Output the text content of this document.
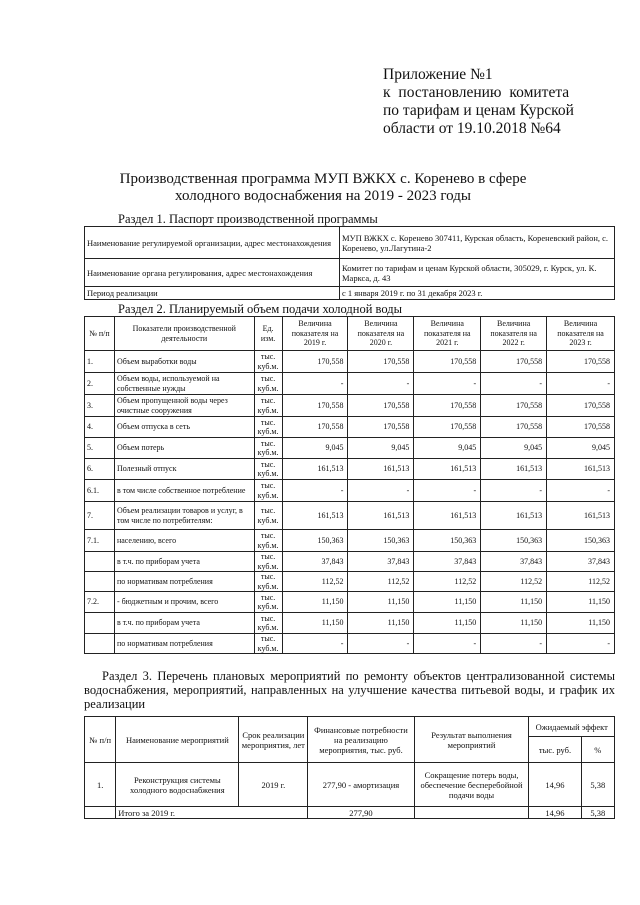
Приложение №1
к постановлению комитета
по тарифам и ценам Курской
области от 19.10.2018 №64
Производственная программа МУП ВЖКХ с. Коренево в сфере холодного водоснабжения на 2019 - 2023 годы
Раздел 1. Паспорт производственной программы
Наименование регулируемой организации, адрес местонахождения	МУП ВЖКХ с. Коренево 307411, Курская область, Кореневский район, с. Коренево, ул.Лагутина-2
Наименование органа регулирования, адрес местонахождения	Комитет по тарифам и ценам Курской области, 305029, г. Курск, ул. К. Маркса, д. 43
Период реализации	с 1 января 2019 г. по 31 декабря 2023 г.
Раздел 2. Планируемый объем подачи холодной воды
№ п/п	Показатели производственной деятельности	Ед. изм.	Величина показателя на 2019 г.	Величина показателя на 2020 г.	Величина показателя на 2021 г.	Величина показателя на 2022 г.	Величина показателя на 2023 г.
1.	Объем выработки воды	тыс. куб.м.	170,558	170,558	170,558	170,558	170,558
2.	Объем воды, используемой на собственные нужды	тыс. куб.м.	-	-	-	-	-
3.	Объем пропущенной воды через очистные сооружения	тыс. куб.м.	170,558	170,558	170,558	170,558	170,558
4.	Объем отпуска в сеть	тыс. куб.м.	170,558	170,558	170,558	170,558	170,558
5.	Объем потерь	тыс. куб.м.	9,045	9,045	9,045	9,045	9,045
6.	Полезный отпуск	тыс. куб.м.	161,513	161,513	161,513	161,513	161,513
6.1.	в том числе собственное потребление	тыс. куб.м.	-	-	-	-	-
7.	Объем реализации товаров и услуг, в том числе по потребителям:	тыс. куб.м.	161,513	161,513	161,513	161,513	161,513
7.1.	населению, всего	тыс. куб.м.	150,363	150,363	150,363	150,363	150,363
	в т.ч. по приборам учета	тыс. куб.м.	37,843	37,843	37,843	37,843	37,843
	по нормативам потребления	тыс. куб.м.	112,52	112,52	112,52	112,52	112,52
7.2.	- бюджетным и прочим, всего	тыс. куб.м.	11,150	11,150	11,150	11,150	11,150
	в т.ч. по приборам учета	тыс. куб.м.	11,150	11,150	11,150	11,150	11,150
	по нормативам потребления	тыс. куб.м.	-	-	-	-	-
Раздел 3. Перечень плановых мероприятий по ремонту объектов централизованной системы водоснабжения, мероприятий, направленных на улучшение качества питьевой воды, и график их реализации
№ п/п	Наименование мероприятий	Срок реализации мероприятия, лет	Финансовые потребности на реализацию мероприятия, тыс. руб.	Результат выполнения мероприятий	Ожидаемый эффект	
					тыс. руб.	%
1.	Реконструкция системы холодного водоснабжения	2019 г.	277,90 - амортизация	Сокращение потерь воды, обеспечение бесперебойной подачи воды	14,96	5,38
	Итого за 2019 г.		277,90		14,96	5,38
